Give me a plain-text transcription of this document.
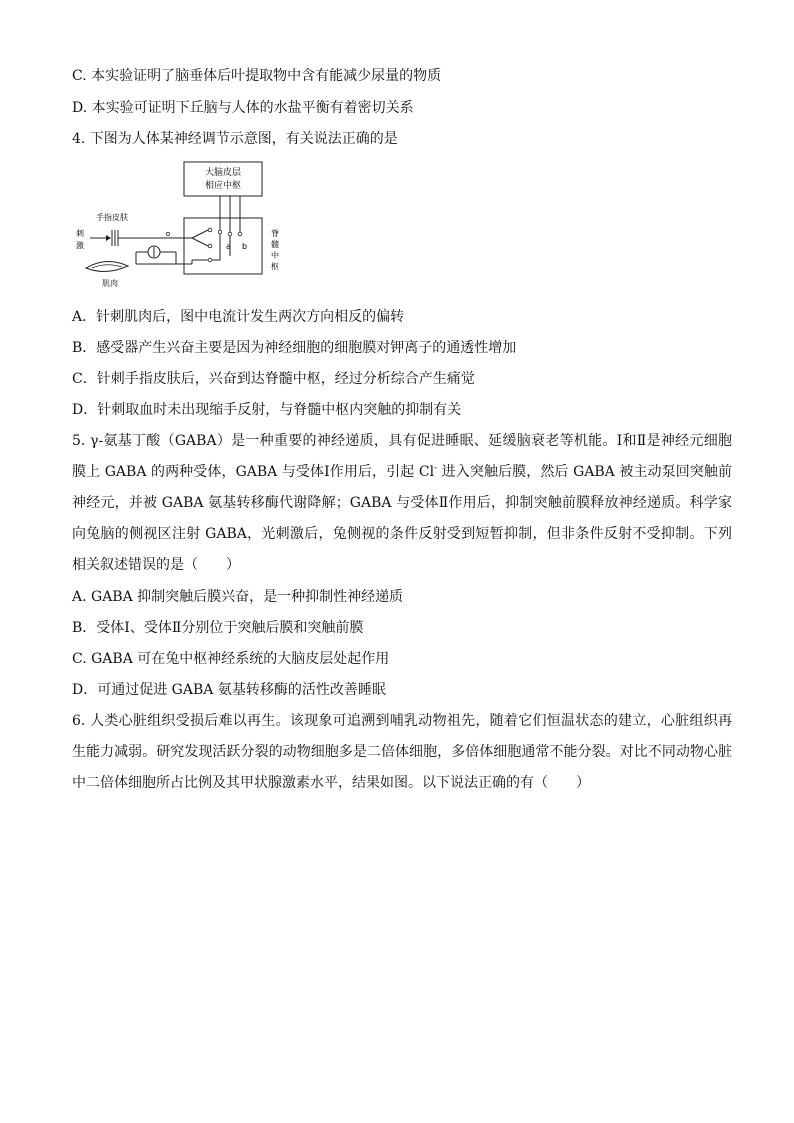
C. 本实验证明了脑垂体后叶提取物中含有能减少尿量的物质
D. 本实验可证明下丘脑与人体的水盐平衡有着密切关系
4. 下图为人体某神经调节示意图，有关说法正确的是
大脑皮层
相应中枢
脊
髓
中
枢
手指皮肤
刺
激	a b
肌肉
A．针刺肌肉后，图中电流计发生两次方向相反的偏转
B．感受器产生兴奋主要是因为神经细胞的细胞膜对钾离子的通透性增加
C．针刺手指皮肤后，兴奋到达脊髓中枢，经过分析综合产生痛觉
D．针刺取血时未出现缩手反射，与脊髓中枢内突触的抑制有关
5. γ-氨基丁酸（GABA）是一种重要的神经递质，具有促进睡眠、延缓脑衰老等机能。Ⅰ和Ⅱ是神经元细胞膜上 GABA 的两种受体，GABA 与受体Ⅰ作用后，引起 Cl- 进入突触后膜，然后 GABA 被主动泵回突触前神经元，并被 GABA 氨基转移酶代谢降解；GABA 与受体Ⅱ作用后，抑制突触前膜释放神经递质。科学家向兔脑的侧视区注射 GABA，光刺激后，兔侧视的条件反射受到短暂抑制，但非条件反射不受抑制。下列相关叙述错误的是（　　）
A. GABA 抑制突触后膜兴奋，是一种抑制性神经递质
B．受体Ⅰ、受体Ⅱ分别位于突触后膜和突触前膜
C. GABA 可在兔中枢神经系统的大脑皮层处起作用
D．可通过促进 GABA 氨基转移酶的活性改善睡眠
6. 人类心脏组织受损后难以再生。该现象可追溯到哺乳动物祖先，随着它们恒温状态的建立，心脏组织再生能力减弱。研究发现活跃分裂的动物细胞多是二倍体细胞，多倍体细胞通常不能分裂。对比不同动物心脏中二倍体细胞所占比例及其甲状腺激素水平，结果如图。以下说法正确的有（　　）
